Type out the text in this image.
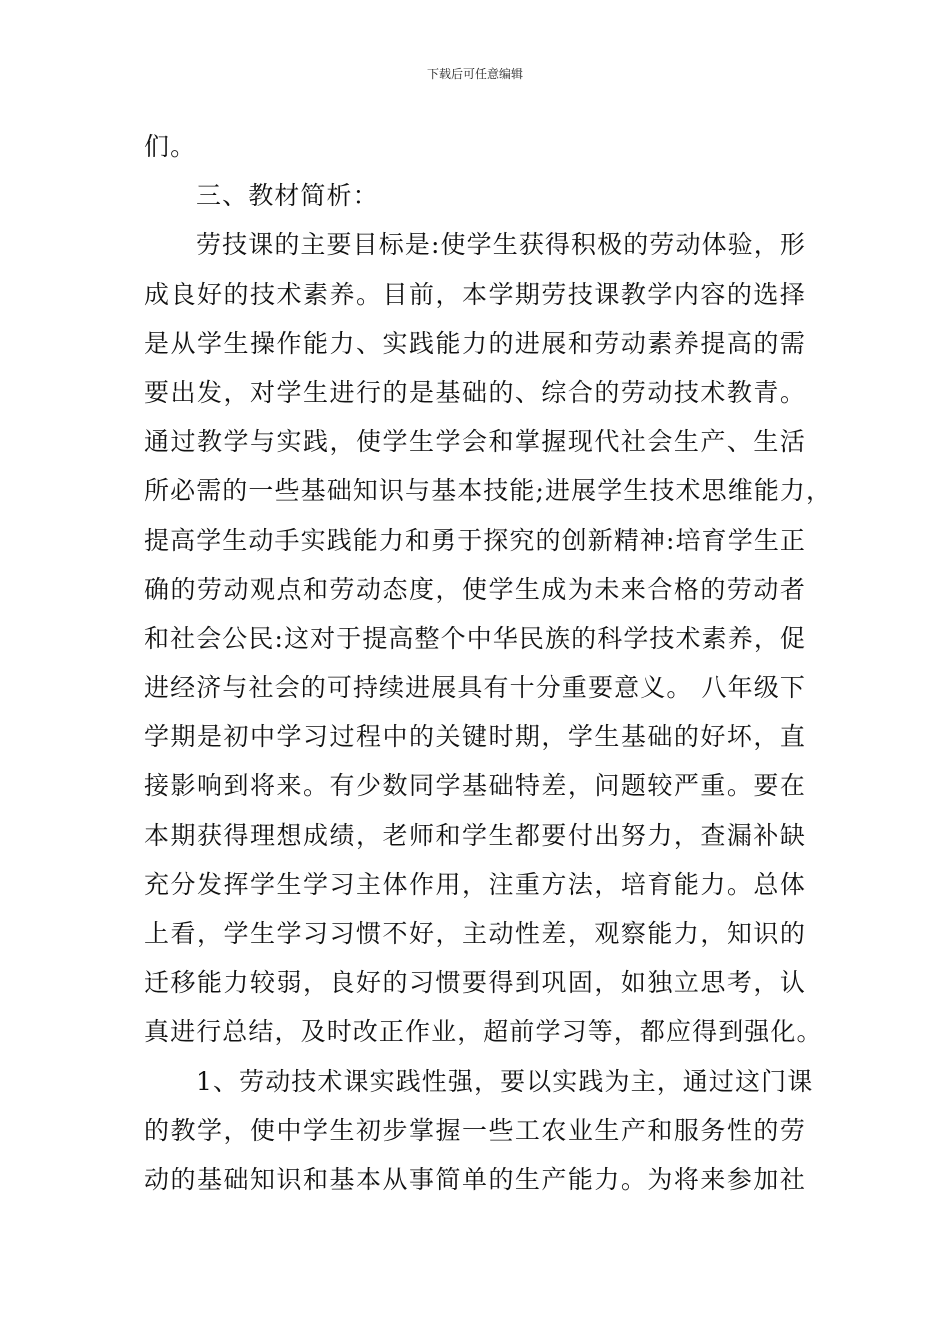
下载后可任意编辑
们。
三、教材简析：
劳技课的主要目标是:使学生获得积极的劳动体验，形
成良好的技术素养。目前，本学期劳技课教学内容的选择
是从学生操作能力、实践能力的进展和劳动素养提高的需
要出发，对学生进行的是基础的、综合的劳动技术教青。
通过教学与实践，使学生学会和掌握现代社会生产、生活
所必需的一些基础知识与基本技能;进展学生技术思维能力，
提高学生动手实践能力和勇于探究的创新精神:培育学生正
确的劳动观点和劳动态度，使学生成为未来合格的劳动者
和社会公民:这对于提高整个中华民族的科学技术素养，促
进经济与社会的可持续进展具有十分重要意义。 八年级下
学期是初中学习过程中的关键时期，学生基础的好坏，直
接影响到将来。有少数同学基础特差，问题较严重。要在
本期获得理想成绩，老师和学生都要付出努力，查漏补缺
充分发挥学生学习主体作用，注重方法，培育能力。总体
上看，学生学习习惯不好，主动性差，观察能力，知识的
迁移能力较弱，良好的习惯要得到巩固，如独立思考，认
真进行总结，及时改正作业，超前学习等，都应得到强化。
1、劳动技术课实践性强，要以实践为主，通过这门课
的教学，使中学生初步掌握一些工农业生产和服务性的劳
动的基础知识和基本从事简单的生产能力。为将来参加社
